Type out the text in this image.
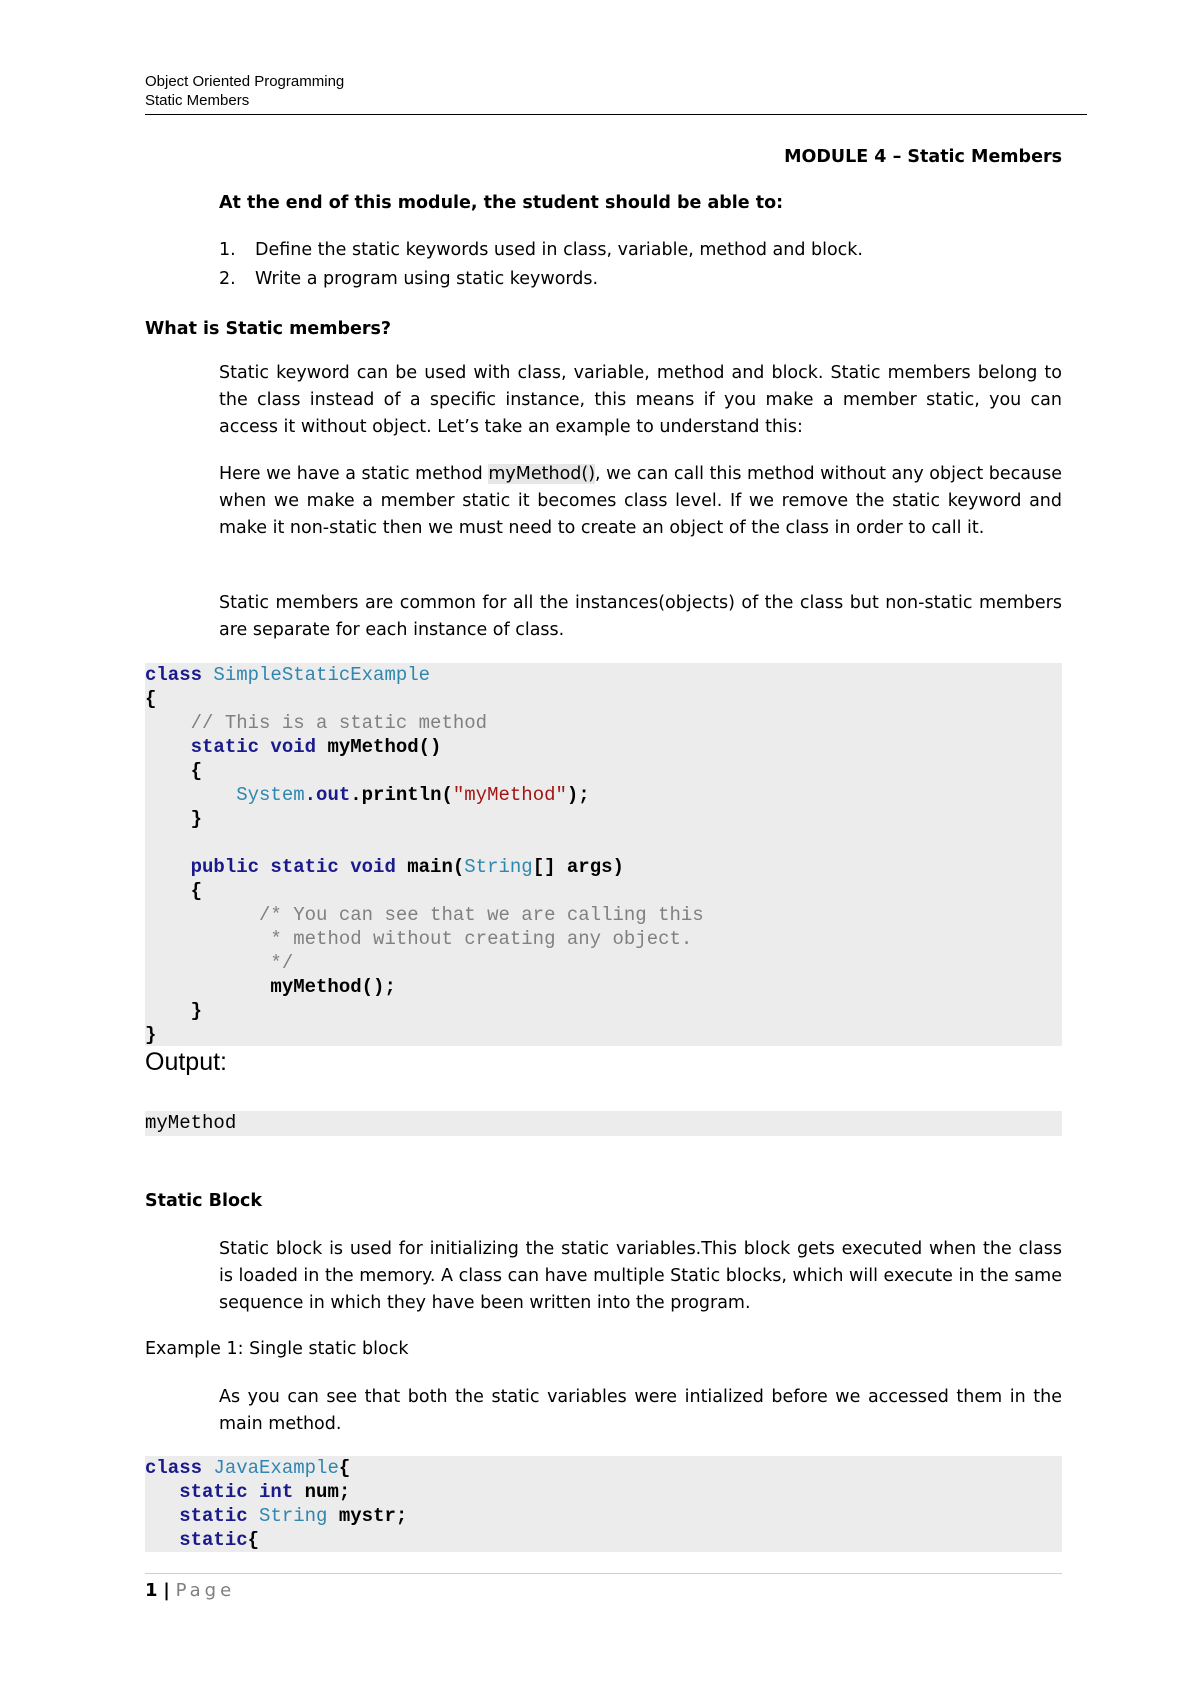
Object Oriented Programming
Static Members
MODULE 4 – Static Members
At the end of this module, the student should be able to:
1. Define the static keywords used in class, variable, method and block.
2. Write a program using static keywords.
What is Static members?

Static keyword can be used with class, variable, method and block. Static members belong to the class instead of a specific instance, this means if you make a member static, you can access it without object. Let’s take an example to understand this:

Here we have a static method myMethod(), we can call this method without any object because when we make a member static it becomes class level. If we remove the static keyword and make it non-static then we must need to create an object of the class in order to call it.

Static members are common for all the instances(objects) of the class but non-static members are separate for each instance of class.

class SimpleStaticExample
{
// This is a static method
static void myMethod()
{
System.out.println("myMethod");
}

public static void main(String[] args)
{
/* You can see that we are calling this
* method without creating any object.
*/
myMethod();
}
}
Output:
myMethod
Static Block

Static block is used for initializing the static variables.This block gets executed when the class is loaded in the memory. A class can have multiple Static blocks, which will execute in the same sequence in which they have been written into the program.

Example 1: Single static block

As you can see that both the static variables were intialized before we accessed them in the main method.

class JavaExample{
static int num;
static String mystr;
static{
1 | Page
